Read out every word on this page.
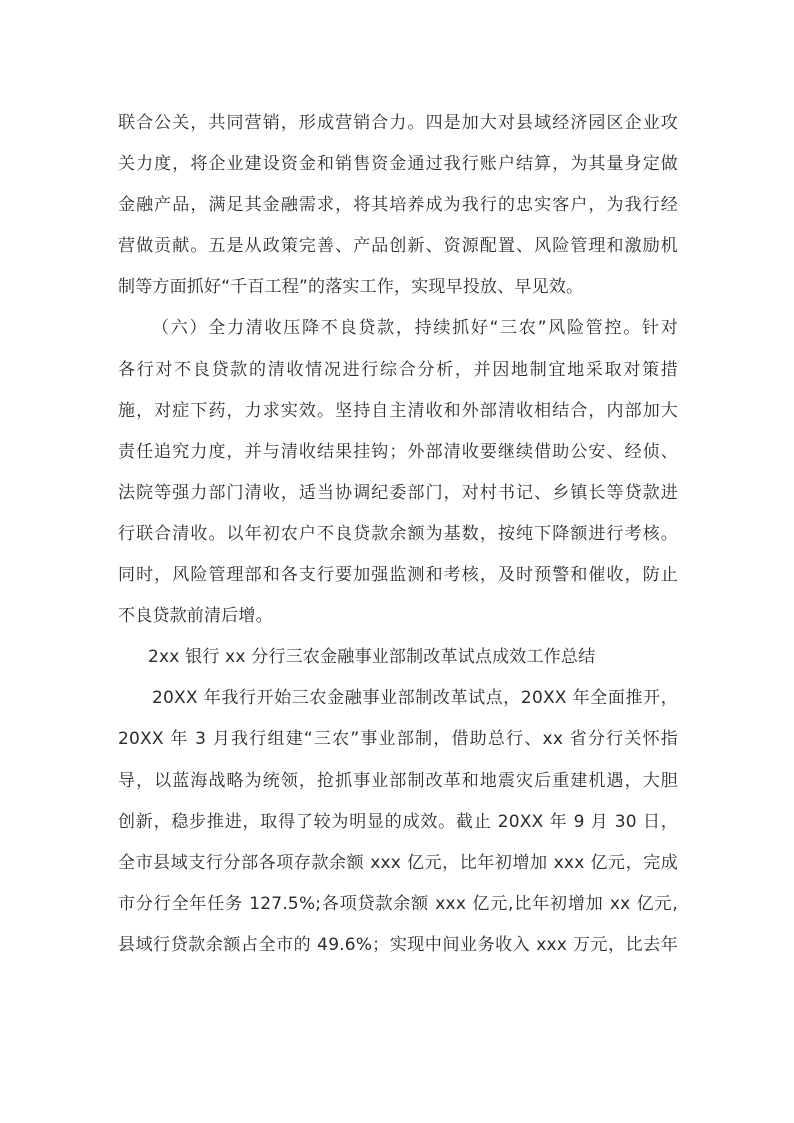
联合公关，共同营销，形成营销合力。四是加大对县域经济园区企业攻
关力度，将企业建设资金和销售资金通过我行账户结算，为其量身定做
金融产品，满足其金融需求，将其培养成为我行的忠实客户，为我行经
营做贡献。五是从政策完善、产品创新、资源配置、风险管理和激励机
制等方面抓好“千百工程”的落实工作，实现早投放、早见效。
（六）全力清收压降不良贷款，持续抓好“三农”风险管控。针对
各行对不良贷款的清收情况进行综合分析，并因地制宜地采取对策措
施，对症下药，力求实效。坚持自主清收和外部清收相结合，内部加大
责任追究力度，并与清收结果挂钩；外部清收要继续借助公安、经侦、
法院等强力部门清收，适当协调纪委部门，对村书记、乡镇长等贷款进
行联合清收。以年初农户不良贷款余额为基数，按纯下降额进行考核。
同时，风险管理部和各支行要加强监测和考核，及时预警和催收，防止
不良贷款前清后增。
2xx 银行 xx 分行三农金融事业部制改革试点成效工作总结
20XX 年我行开始三农金融事业部制改革试点，20XX 年全面推开，
20XX 年 3 月我行组建“三农”事业部制，借助总行、xx 省分行关怀指
导，以蓝海战略为统领，抢抓事业部制改革和地震灾后重建机遇，大胆
创新，稳步推进，取得了较为明显的成效。截止 20XX 年 9 月 30 日，
全市县域支行分部各项存款余额 xxx 亿元，比年初增加 xxx 亿元，完成
市分行全年任务 127.5%;各项贷款余额 xxx 亿元,比年初增加 xx 亿元,
县域行贷款余额占全市的 49.6%；实现中间业务收入 xxx 万元，比去年
